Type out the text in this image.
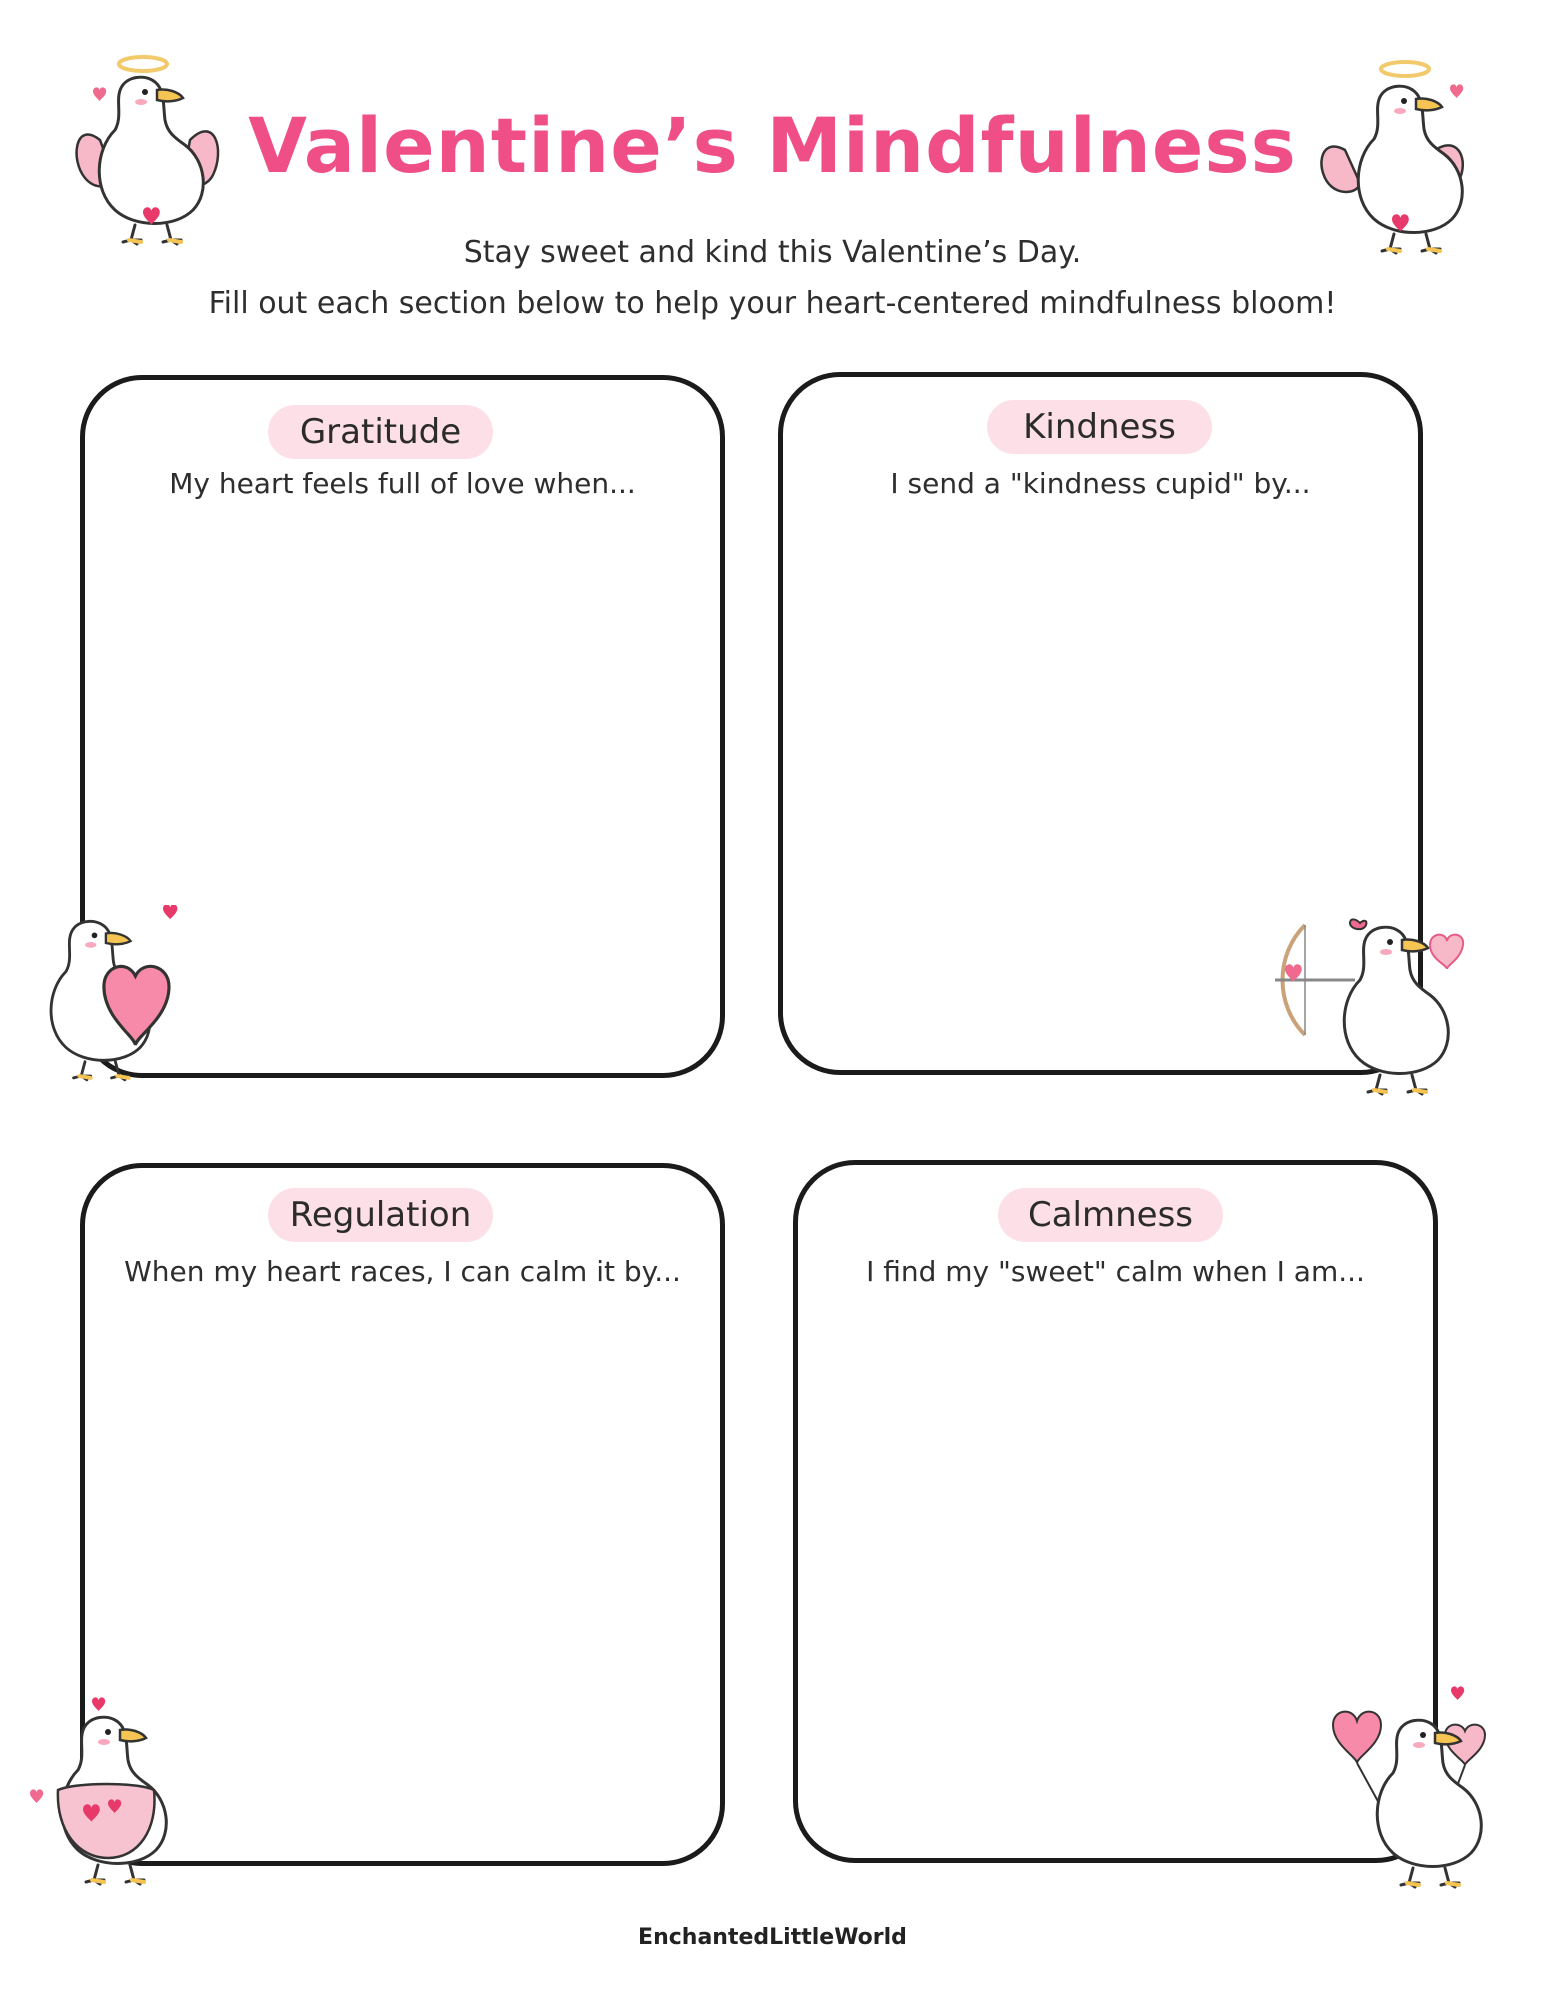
Valentine’s Mindfulness
Stay sweet and kind this Valentine’s Day.
Fill out each section below to help your heart-centered mindfulness bloom!
Gratitude
My heart feels full of love when...
Kindness
I send a "kindness cupid" by...
Regulation
When my heart races, I can calm it by...
Calmness
I find my "sweet" calm when I am...
EnchantedLittleWorld
